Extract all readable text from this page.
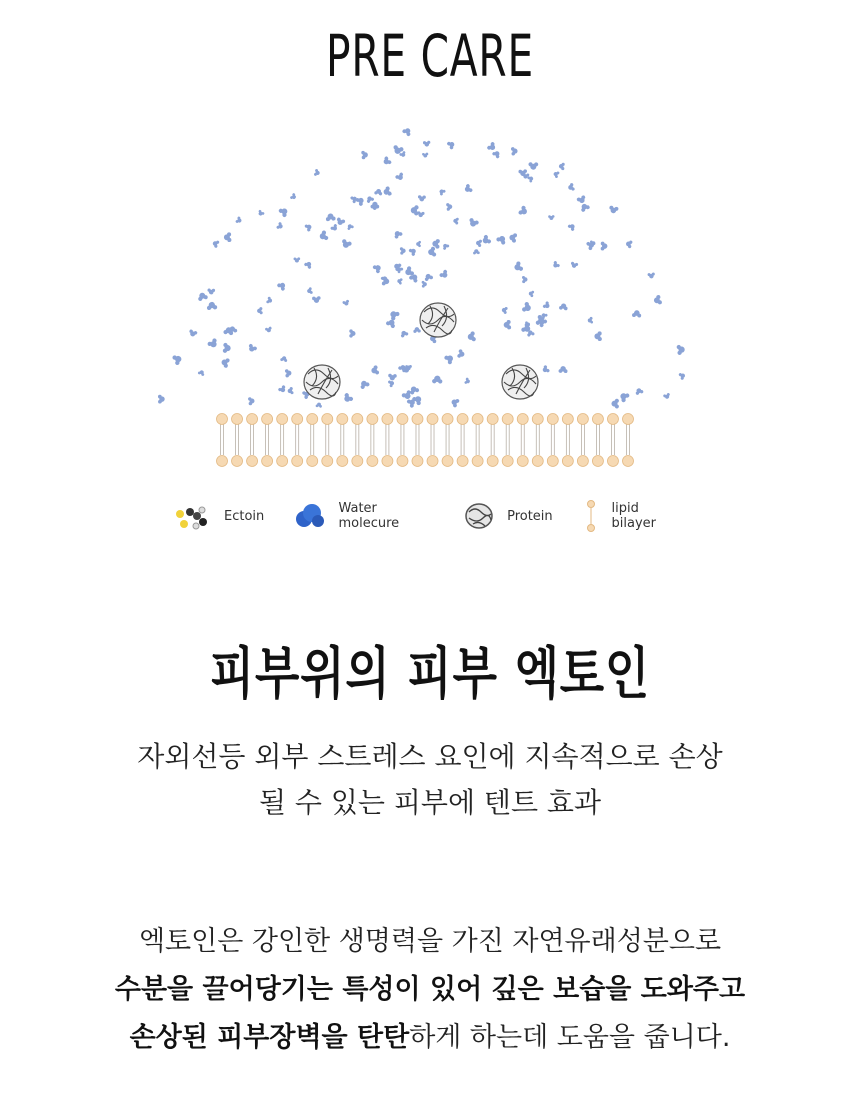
PRE CARE
Ectoin	Water molecure	Protein	lipid bilayer
피부위의 피부 엑토인
자외선등 외부 스트레스 요인에 지속적으로 손상
될 수 있는 피부에 텐트 효과
엑토인은 강인한 생명력을 가진 자연유래성분으로
수분을 끌어당기는 특성이 있어 깊은 보습을 도와주고
손상된 피부장벽을 탄탄하게 하는데 도움을 줍니다.
